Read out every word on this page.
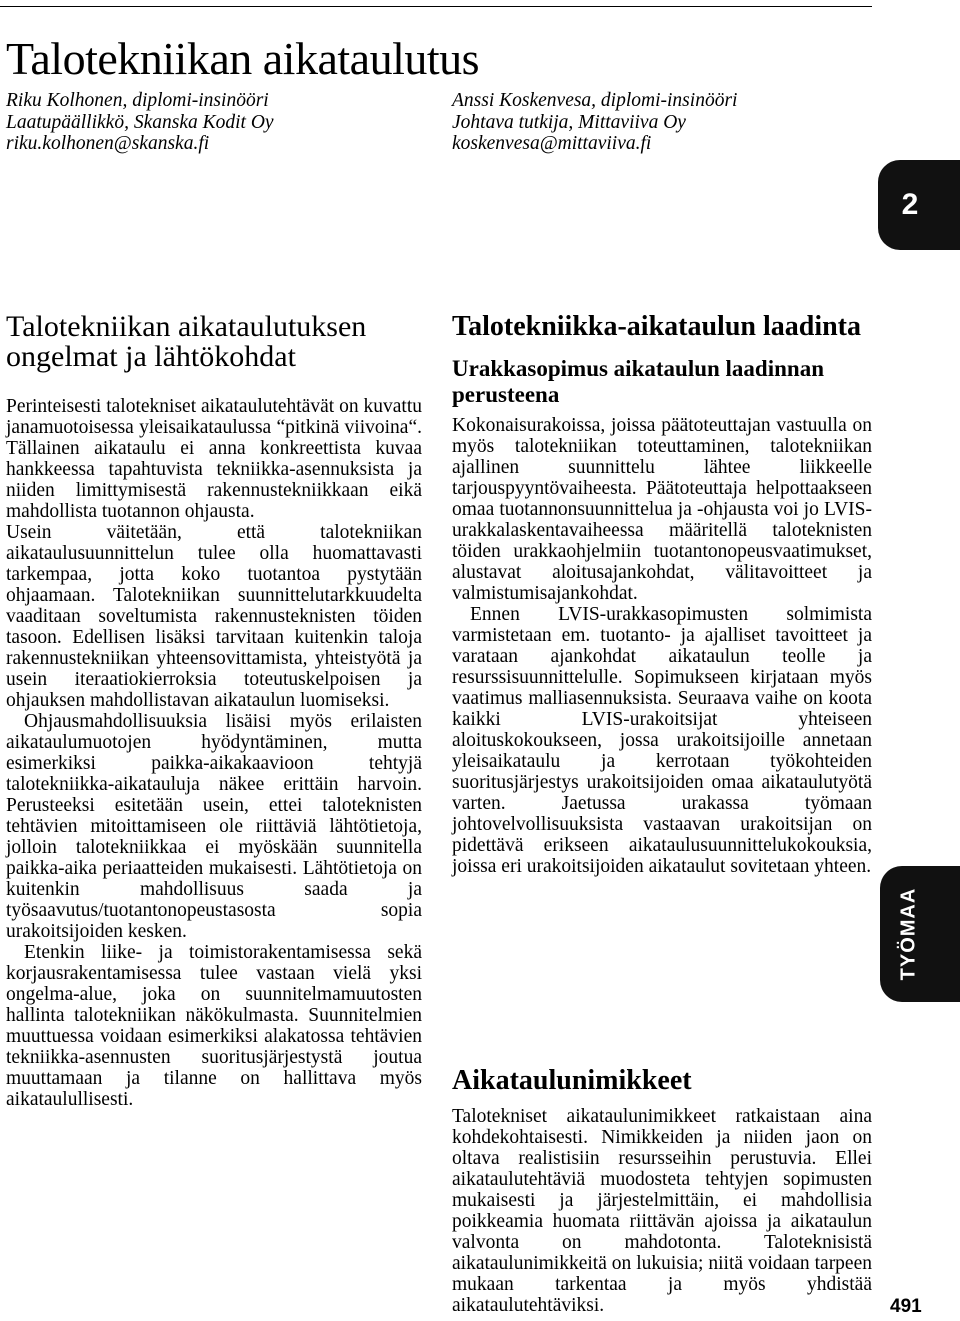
Talotekniikan aikataulutus
Riku Kolhonen, diplomi-insinööri
Laatupäällikkö, Skanska Kodit Oy
riku.kolhonen@skanska.fi
Anssi Koskenvesa, diplomi-insinööri
Johtava tutkija, Mittaviiva Oy
koskenvesa@mittaviiva.fi
2
Talotekniikan aikataulutuksen ongelmat ja lähtökohdat

Perinteisesti talotekniset aikataulutehtävät on kuvattu janamuotoisessa yleisaikataulussa “pitkinä viivoina“. Tällainen aikataulu ei anna konkreettista kuvaa hankkeessa tapahtuvista tekniikka-asennuksista ja niiden limittymisestä rakennustekniikkaan eikä mahdollista tuotannon ohjausta.

Usein väitetään, että talotekniikan aikataulusuunnittelun tulee olla huomattavasti tarkempaa, jotta koko tuotantoa pystytään ohjaamaan. Talotekniikan suunnittelutarkkuudelta vaaditaan soveltumista rakennusteknisten töiden tasoon. Edellisen lisäksi tarvitaan kuitenkin taloja rakennustekniikan yhteensovittamista, yhteistyötä ja usein iteraatiokierroksia toteutuskelpoisen ja ohjauksen mahdollistavan aikataulun luomiseksi.

Ohjausmahdollisuuksia lisäisi myös erilaisten aikataulumuotojen hyödyntäminen, mutta esimerkiksi paikka-aikakaavioon tehtyjä talotekniikka-aikatauluja näkee erittäin harvoin. Perusteeksi esitetään usein, ettei taloteknisten tehtävien mitoittamiseen ole riittäviä lähtötietoja, jolloin talotekniikkaa ei myöskään suunnitella paikka-aika periaatteiden mukaisesti. Lähtötietoja on kuitenkin mahdollisuus saada ja työsaavutus/tuotantonopeustasosta sopia urakoitsijoiden kesken.

Etenkin liike- ja toimistorakentamisessa sekä korjausrakentamisessa tulee vastaan vielä yksi ongelma-alue, joka on suunnitelmamuutosten hallinta talotekniikan näkökulmasta. Suunnitelmien muuttuessa voidaan esimerkiksi alakatossa tehtävien tekniikka-asennusten suoritusjärjestystä joutua muuttamaan ja tilanne on hallittava myös aikataulullisesti.

Talotekniikka-aikataulun laadinta
Urakkasopimus aikataulun laadinnan perusteena

Kokonaisurakoissa, joissa päätoteuttajan vastuulla on myös talotekniikan toteuttaminen, talotekniikan ajallinen suunnittelu lähtee liikkeelle tarjouspyyntövaiheesta. Päätoteuttaja helpottaakseen omaa tuotannonsuunnittelua ja -ohjausta voi jo LVIS-urakkalaskentavaiheessa määritellä taloteknisten töiden urakkaohjelmiin tuotantonopeusvaatimukset, alustavat aloitusajankohdat, välitavoitteet ja valmistumisajankohdat.

Ennen LVIS-urakkasopimusten solmimista varmistetaan em. tuotanto- ja ajalliset tavoitteet ja varataan ajankohdat aikataulun teolle ja resurssisuunnittelulle. Sopimukseen kirjataan myös vaatimus malliasennuksista. Seuraava vaihe on koota kaikki LVIS-urakoitsijat yhteiseen aloituskokoukseen, jossa urakoitsijoille annetaan yleisaikataulu ja kerrotaan työkohteiden suoritusjärjestys urakoitsijoiden omaa aikataulutyötä varten. Jaetussa urakassa työmaan johtovelvollisuuksista vastaavan urakoitsijan on pidettävä erikseen aikataulusuunnittelukokouksia, joissa eri urakoitsijoiden aikataulut sovitetaan yhteen.

Aikataulunimikkeet

Talotekniset aikataulunimikkeet ratkaistaan aina kohdekohtaisesti. Nimikkeiden ja niiden jaon on oltava realistisiin resursseihin perustuvia. Ellei aikataulutehtäviä muodosteta tehtyjen sopimusten mukaisesti ja järjestelmittäin, ei mahdollisia poikkeamia huomata riittävän ajoissa ja aikataulun valvonta on mahdotonta. Taloteknisistä aikataulunimikkeitä on lukuisia; niitä voidaan tarpeen mukaan tarkentaa ja myös yhdistää aikataulutehtäviksi.

TYÖMAA
491
